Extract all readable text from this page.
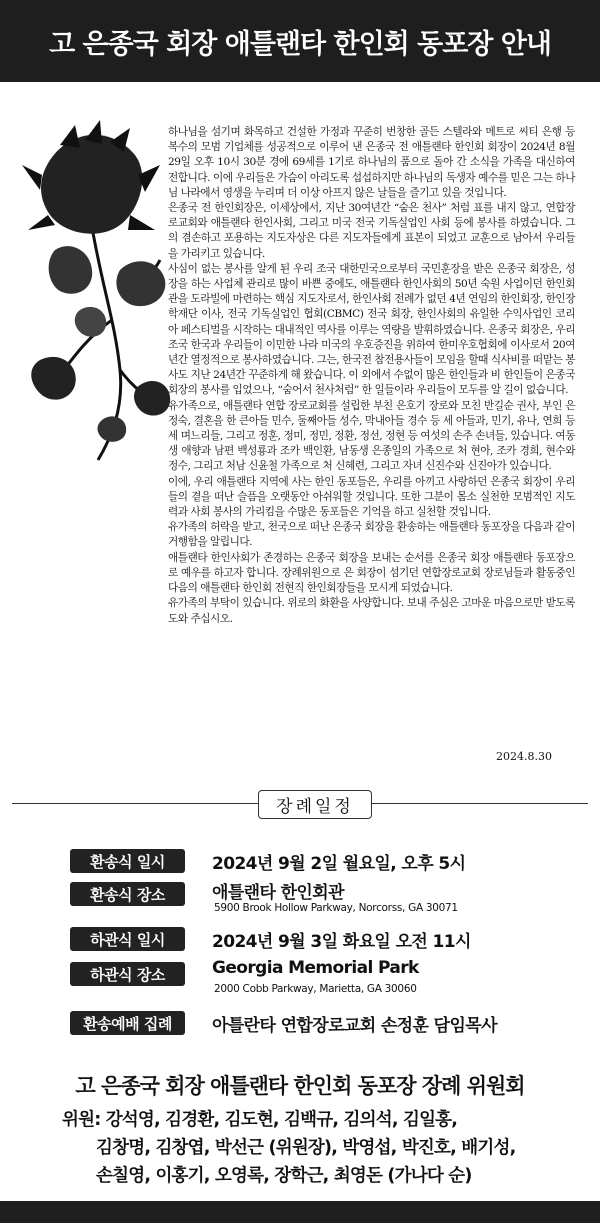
고 은종국 회장 애틀랜타 한인회 동포장 안내

하나님을 섬기며 화목하고 건설한 가정과 꾸준히 번창한 골든 스텔라와 메트로 씨티 은행 등 복수의 모범 기업체를 성공적으로 이루어 낸 은종국 전 애틀랜타 한인회 회장이 2024년 8월 29일 오후 10시 30분 경에 69세를 1기로 하나님의 품으로 돌아 간 소식을 가족을 대신하여 전합니다. 이에 우리들은 가슴이 아리도록 섭섭하지만 하나님의 독생자 예수를 믿은 그는 하나님 나라에서 영생을 누리며 더 이상 아프지 않은 날들을 즐기고 있을 것입니다.

은종국 전 한인회장은, 이세상에서, 지난 30여년간 “숨은 천사” 처럼 표를 내지 않고, 연합장로교회와 애틀랜타 한인사회, 그리고 미국 전국 기독실업인 사회 등에 봉사를 하였습니다. 그의 겸손하고 포용하는 지도자상은 다른 지도자들에게 표본이 되었고 교훈으로 남아서 우리들을 가리키고 있습니다.

사심이 없는 봉사를 알게 된 우리 조국 대한민국으로부터 국민훈장을 받은 은종국 회장은, 성장을 하는 사업체 관리로 많이 바쁜 중에도, 애틀랜타 한인사회의 50년 숙원 사업이던 한인회관을 도라빌에 마련하는 핵심 지도자로서, 한인사회 전례가 없던 4년 연임의 한인회장, 한인장학재단 이사, 전국 기독실업인 협회(CBMC) 전국 회장, 한인사회의 유일한 수익사업인 코리아 페스티벌을 시작하는 대내적인 역사를 이루는 역량을 발휘하였습니다. 은종국 회장은, 우리 조국 한국과 우리들이 이민한 나라 미국의 우호증진을 위하여 한미우호협회에 이사로서 20여년간 열정적으로 봉사하였습니다. 그는, 한국전 참전용사들이 모임을 할때 식사비를 떠맡는 봉사도 지난 24년간 꾸준하게 해 왔습니다. 이 외에서 수없이 많은 한인들과 비 한인들이 은종국 회장의 봉사를 입었으나, “숨어서 천사처럼” 한 일들이라 우리들이 모두를 알 길이 없습니다.

유가족으로, 애틀랜타 연합 장로교회를 설립한 부친 은호기 장로와 모친 반길순 권사, 부인 은정숙, 결혼을 한 큰아들 민수, 둘째아들 성수, 막내아들 경수 등 세 아들과, 민기, 유나, 연희 등 세 며느리들, 그리고 정훈, 정미, 정민, 정환, 정선, 정현 등 여섯의 손주 손녀들, 있습니다. 여동생 애향과 남편 백성룡과 조카 백인환, 남동생 은종일의 가족으로 처 현아, 조카 경희, 현수와 정수, 그리고 처남 신윤철 가족으로 처 신혜련, 그리고 자녀 신진수와 신진아가 있습니다.

이에, 우리 애틀랜타 지역에 사는 한인 동포들은, 우리를 아끼고 사랑하던 은종국 회장이 우리들의 곁을 떠난 슬픔을 오랫동안 아쉬워할 것입니다. 또한 그분이 몸소 실천한 모범적인 지도력과 사회 봉사의 가리킴을 수많은 동포들은 기억을 하고 실천할 것입니다.

유가족의 허락을 받고, 천국으로 떠난 은종국 회장을 환송하는 애틀랜타 동포장을 다음과 같이 거행함을 알립니다.

애틀랜타 한인사회가 존경하는 은종국 회장을 보내는 순서를 은종국 회장 애틀랜타 동포장으로 예우를 하고자 합니다. 장례위원으로 은 회장이 섬기던 연합장로교회 장로님들과 활동중인 다음의 애틀랜타 한인회 전현직 한인회장들을 모시게 되었습니다.

유가족의 부탁이 있습니다. 위로의 화환을 사양합니다. 보내 주심은 고마운 마음으로만 받도록 도와 주십시오.

2024.8.30
장례일정
환송식 일시	2024년 9월 2일 월요일, 오후 5시
환송식 장소	애틀랜타 한인회관
5900 Brook Hollow Parkway, Norcorss, GA 30071
하관식 일시	2024년 9월 3일 화요일 오전 11시
하관식 장소	Georgia Memorial Park
2000 Cobb Parkway, Marietta, GA 30060
환송예배 집례	아틀란타 연합장로교회 손정훈 담임목사
고 은종국 회장 애틀랜타 한인회 동포장 장례 위원회
위원: 강석영, 김경환, 김도현, 김백규, 김의석, 김일홍,
김창명, 김창엽, 박선근 (위원장), 박영섭, 박진호, 배기성,
손칠영, 이홍기, 오영록, 장학근, 최영돈 (가나다 순)
